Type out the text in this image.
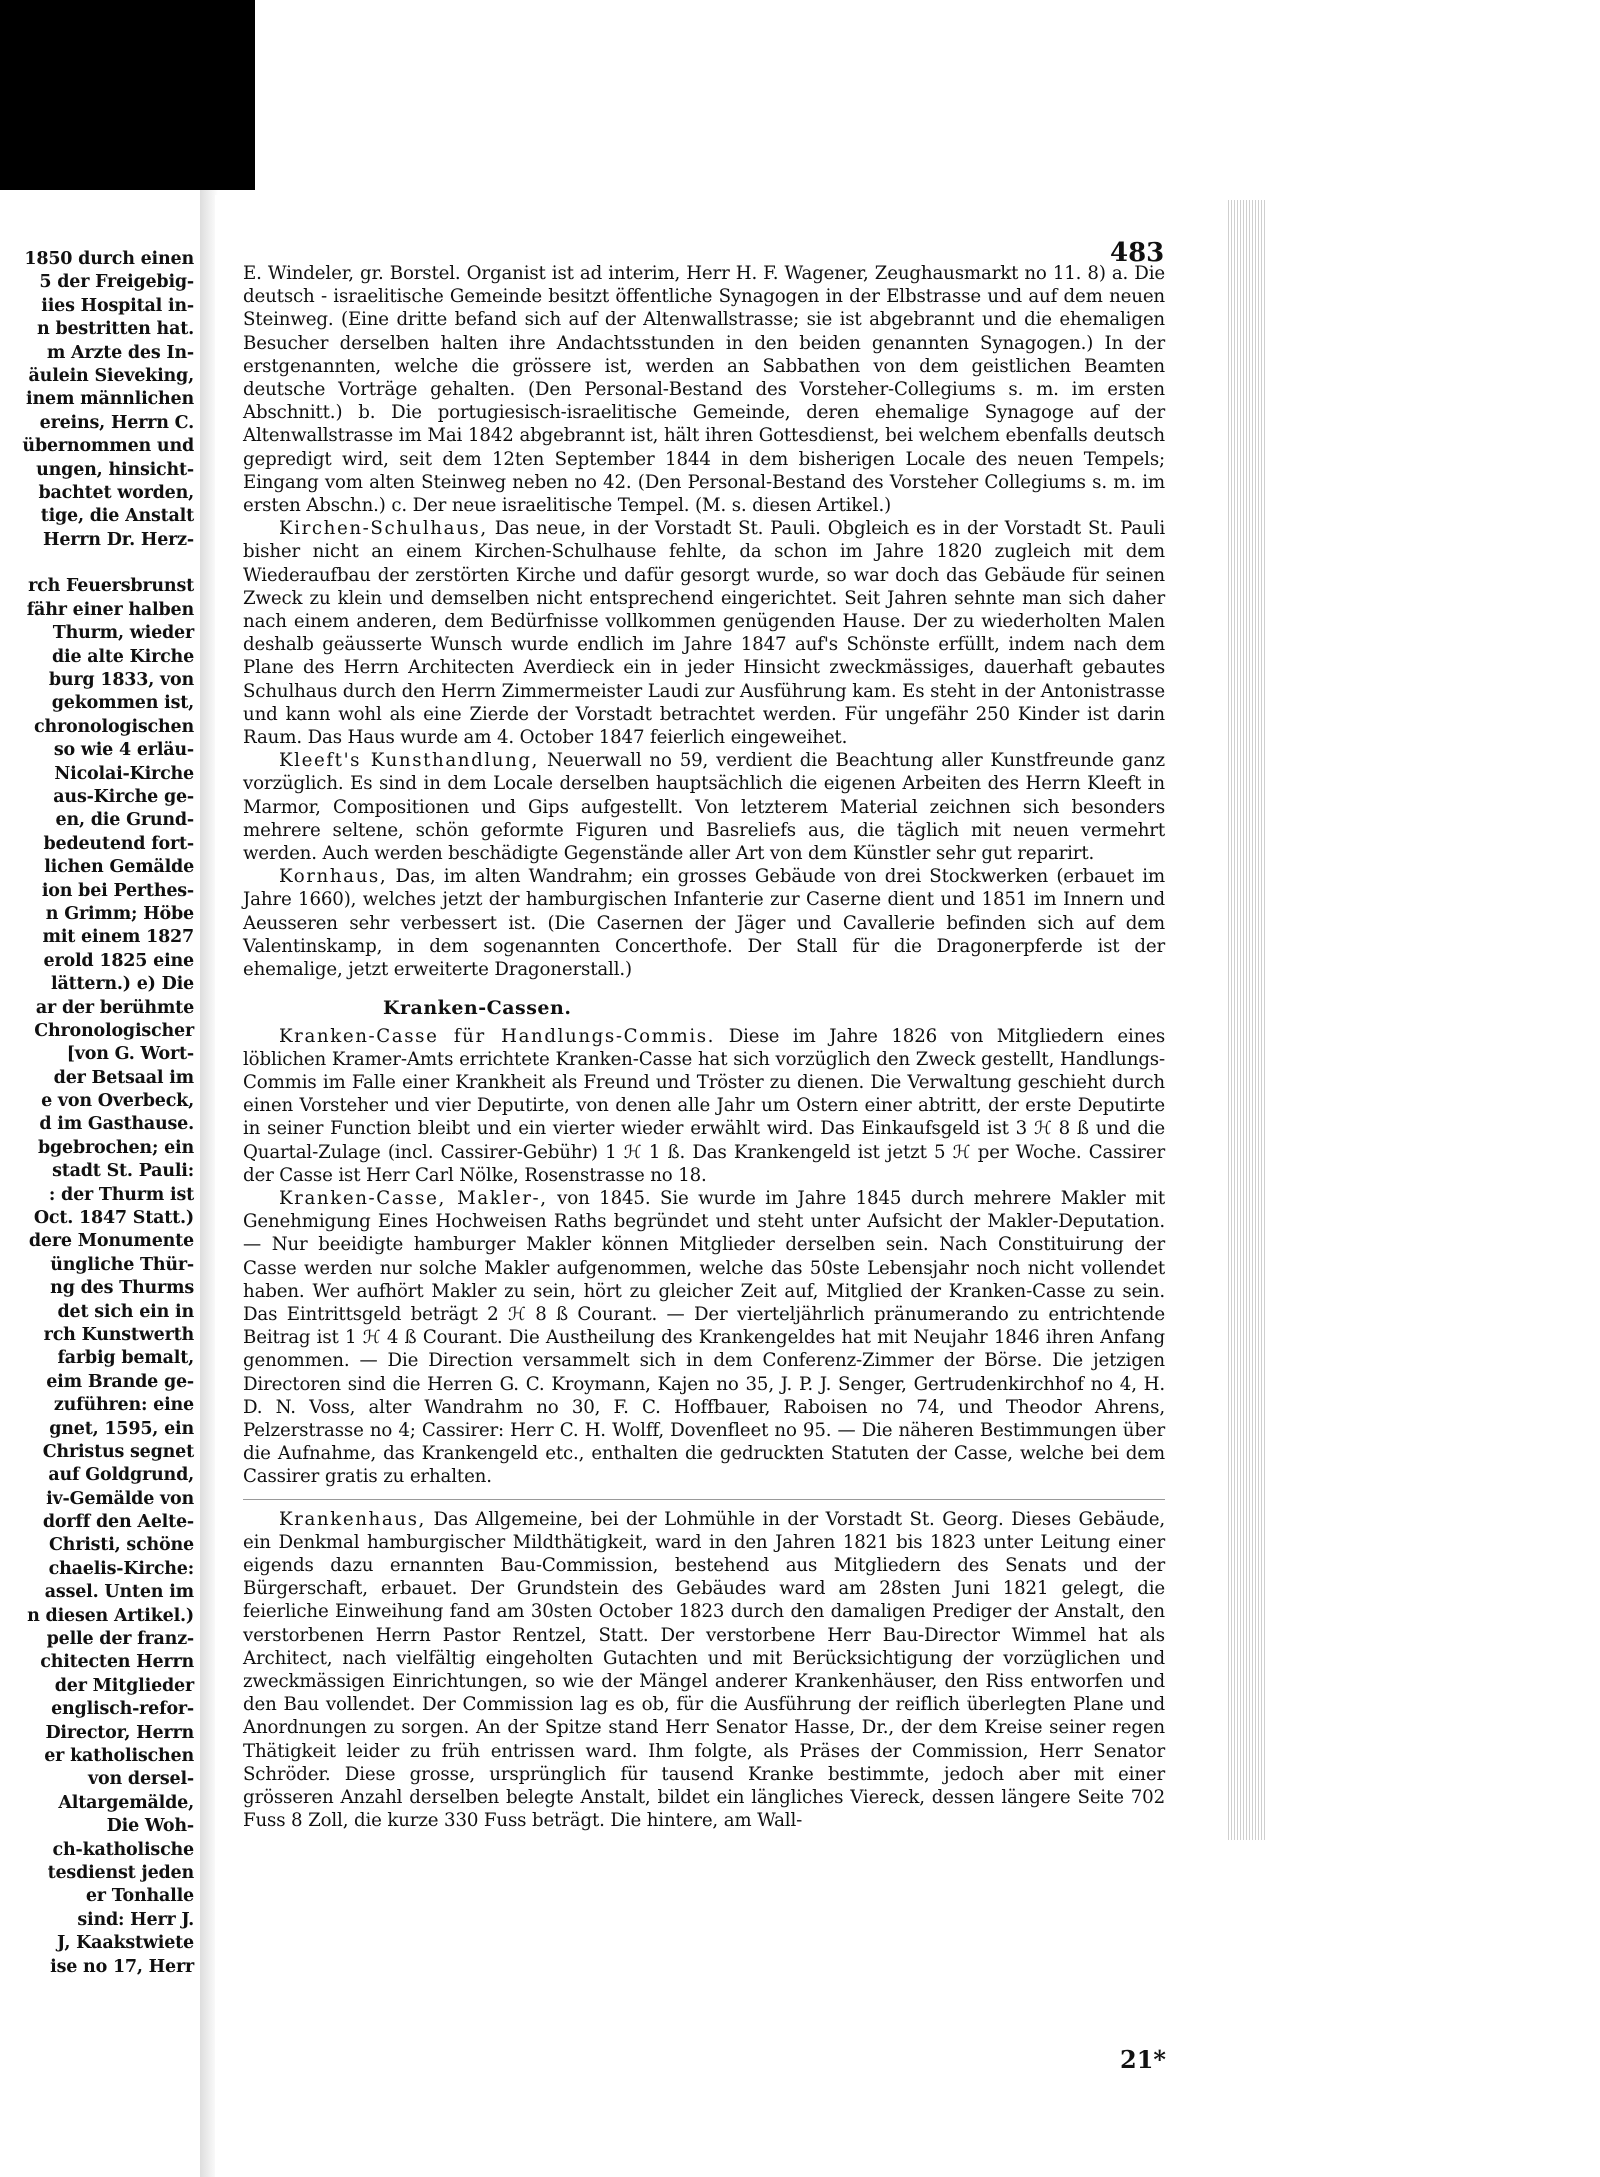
1850 durch einen
5 der Freigebig-
iies Hospital in-
n bestritten hat.
m Arzte des In-
äulein Sieveking,
inem männlichen
ereins, Herrn C.
übernommen und
ungen, hinsicht-
bachtet worden,
tige, die Anstalt
Herrn Dr. Herz-
rch Feuersbrunst
fähr einer halben
Thurm, wieder
die alte Kirche
burg 1833, von
gekommen ist,
chronologischen
so wie 4 erläu-
Nicolai-Kirche
aus-Kirche ge-
en, die Grund-
bedeutend fort-
lichen Gemälde
ion bei Perthes-
n Grimm; Höbe
mit einem 1827
erold 1825 eine
lättern.) e) Die
ar der berühmte
Chronologischer
[von G. Wort-
der Betsaal im
e von Overbeck,
d im Gasthause.
bgebrochen; ein
stadt St. Pauli:
: der Thurm ist
Oct. 1847 Statt.)
dere Monumente
üngliche Thür-
ng des Thurms
det sich ein in
rch Kunstwerth
farbig bemalt,
eim Brande ge-
zuführen: eine
gnet, 1595, ein
Christus segnet
auf Goldgrund,
iv-Gemälde von
dorff den Aelte-
Christi, schöne
chaelis-Kirche:
assel. Unten im
n diesen Artikel.)
pelle der franz-
chitecten Herrn
der Mitglieder
englisch-refor-
Director, Herrn
er katholischen
von dersel-
Altargemälde,
Die Woh-
ch-katholische
tesdienst jeden
er Tonhalle
sind: Herr J.
J, Kaakstwiete
ise no 17, Herr
483

E. Windeler, gr. Borstel. Organist ist ad interim, Herr H. F. Wagener, Zeughausmarkt no 11. 8) a. Die deutsch - israelitische Gemeinde besitzt öffentliche Synagogen in der Elbstrasse und auf dem neuen Steinweg. (Eine dritte befand sich auf der Altenwallstrasse; sie ist abgebrannt und die ehemaligen Besucher derselben halten ihre Andachtsstunden in den beiden genannten Synagogen.) In der erstgenannten, welche die grössere ist, werden an Sabbathen von dem geistlichen Beamten deutsche Vorträge gehalten. (Den Personal-Bestand des Vorsteher-Collegiums s. m. im ersten Abschnitt.) b. Die portugiesisch-israelitische Gemeinde, deren ehemalige Synagoge auf der Altenwallstrasse im Mai 1842 abgebrannt ist, hält ihren Gottesdienst, bei welchem ebenfalls deutsch gepredigt wird, seit dem 12ten September 1844 in dem bisherigen Locale des neuen Tempels; Eingang vom alten Steinweg neben no 42. (Den Personal-Bestand des Vorsteher Collegiums s. m. im ersten Abschn.) c. Der neue israelitische Tempel. (M. s. diesen Artikel.)

Kirchen-Schulhaus, Das neue, in der Vorstadt St. Pauli. Obgleich es in der Vorstadt St. Pauli bisher nicht an einem Kirchen-Schulhause fehlte, da schon im Jahre 1820 zugleich mit dem Wiederaufbau der zerstörten Kirche und dafür gesorgt wurde, so war doch das Gebäude für seinen Zweck zu klein und demselben nicht entsprechend eingerichtet. Seit Jahren sehnte man sich daher nach einem anderen, dem Bedürfnisse vollkommen genügenden Hause. Der zu wiederholten Malen deshalb geäusserte Wunsch wurde endlich im Jahre 1847 auf's Schönste erfüllt, indem nach dem Plane des Herrn Architecten Averdieck ein in jeder Hinsicht zweckmässiges, dauerhaft gebautes Schulhaus durch den Herrn Zimmermeister Laudi zur Ausführung kam. Es steht in der Antonistrasse und kann wohl als eine Zierde der Vorstadt betrachtet werden. Für ungefähr 250 Kinder ist darin Raum. Das Haus wurde am 4. October 1847 feierlich eingeweihet.

Kleeft's Kunsthandlung, Neuerwall no 59, verdient die Beachtung aller Kunstfreunde ganz vorzüglich. Es sind in dem Locale derselben hauptsächlich die eigenen Arbeiten des Herrn Kleeft in Marmor, Compositionen und Gips aufgestellt. Von letzterem Material zeichnen sich besonders mehrere seltene, schön geformte Figuren und Basreliefs aus, die täglich mit neuen vermehrt werden. Auch werden beschädigte Gegenstände aller Art von dem Künstler sehr gut reparirt.

Kornhaus, Das, im alten Wandrahm; ein grosses Gebäude von drei Stockwerken (erbauet im Jahre 1660), welches jetzt der hamburgischen Infanterie zur Caserne dient und 1851 im Innern und Aeusseren sehr verbessert ist. (Die Casernen der Jäger und Cavallerie befinden sich auf dem Valentinskamp, in dem sogenannten Concerthofe. Der Stall für die Dragonerpferde ist der ehemalige, jetzt erweiterte Dragonerstall.)

Kranken-Cassen.

Kranken-Casse für Handlungs-Commis. Diese im Jahre 1826 von Mitgliedern eines löblichen Kramer-Amts errichtete Kranken-Casse hat sich vorzüglich den Zweck gestellt, Handlungs-Commis im Falle einer Krankheit als Freund und Tröster zu dienen. Die Verwaltung geschieht durch einen Vorsteher und vier Deputirte, von denen alle Jahr um Ostern einer abtritt, der erste Deputirte in seiner Function bleibt und ein vierter wieder erwählt wird. Das Einkaufsgeld ist 3 ℋ 8 ß und die Quartal-Zulage (incl. Cassirer-Gebühr) 1 ℋ 1 ß. Das Krankengeld ist jetzt 5 ℋ per Woche. Cassirer der Casse ist Herr Carl Nölke, Rosenstrasse no 18.

Kranken-Casse, Makler-, von 1845. Sie wurde im Jahre 1845 durch mehrere Makler mit Genehmigung Eines Hochweisen Raths begründet und steht unter Aufsicht der Makler-Deputation. — Nur beeidigte hamburger Makler können Mitglieder derselben sein. Nach Constituirung der Casse werden nur solche Makler aufgenommen, welche das 50ste Lebensjahr noch nicht vollendet haben. Wer aufhört Makler zu sein, hört zu gleicher Zeit auf, Mitglied der Kranken-Casse zu sein. Das Eintrittsgeld beträgt 2 ℋ 8 ß Courant. — Der vierteljährlich pränumerando zu entrichtende Beitrag ist 1 ℋ 4 ß Courant. Die Austheilung des Krankengeldes hat mit Neujahr 1846 ihren Anfang genommen. — Die Direction versammelt sich in dem Conferenz-Zimmer der Börse. Die jetzigen Directoren sind die Herren G. C. Kroymann, Kajen no 35, J. P. J. Senger, Gertrudenkirchhof no 4, H. D. N. Voss, alter Wandrahm no 30, F. C. Hoffbauer, Raboisen no 74, und Theodor Ahrens, Pelzerstrasse no 4; Cassirer: Herr C. H. Wolff, Dovenfleet no 95. — Die näheren Bestimmungen über die Aufnahme, das Krankengeld etc., enthalten die gedruckten Statuten der Casse, welche bei dem Cassirer gratis zu erhalten.

Krankenhaus, Das Allgemeine, bei der Lohmühle in der Vorstadt St. Georg. Dieses Gebäude, ein Denkmal hamburgischer Mildthätigkeit, ward in den Jahren 1821 bis 1823 unter Leitung einer eigends dazu ernannten Bau-Commission, bestehend aus Mitgliedern des Senats und der Bürgerschaft, erbauet. Der Grundstein des Gebäudes ward am 28sten Juni 1821 gelegt, die feierliche Einweihung fand am 30sten October 1823 durch den damaligen Prediger der Anstalt, den verstorbenen Herrn Pastor Rentzel, Statt. Der verstorbene Herr Bau-Director Wimmel hat als Architect, nach vielfältig eingeholten Gutachten und mit Berücksichtigung der vorzüglichen und zweckmässigen Einrichtungen, so wie der Mängel anderer Krankenhäuser, den Riss entworfen und den Bau vollendet. Der Commission lag es ob, für die Ausführung der reiflich überlegten Plane und Anordnungen zu sorgen. An der Spitze stand Herr Senator Hasse, Dr., der dem Kreise seiner regen Thätigkeit leider zu früh entrissen ward. Ihm folgte, als Präses der Commission, Herr Senator Schröder. Diese grosse, ursprünglich für tausend Kranke bestimmte, jedoch aber mit einer grösseren Anzahl derselben belegte Anstalt, bildet ein längliches Viereck, dessen längere Seite 702 Fuss 8 Zoll, die kurze 330 Fuss beträgt. Die hintere, am Wall-

21*
